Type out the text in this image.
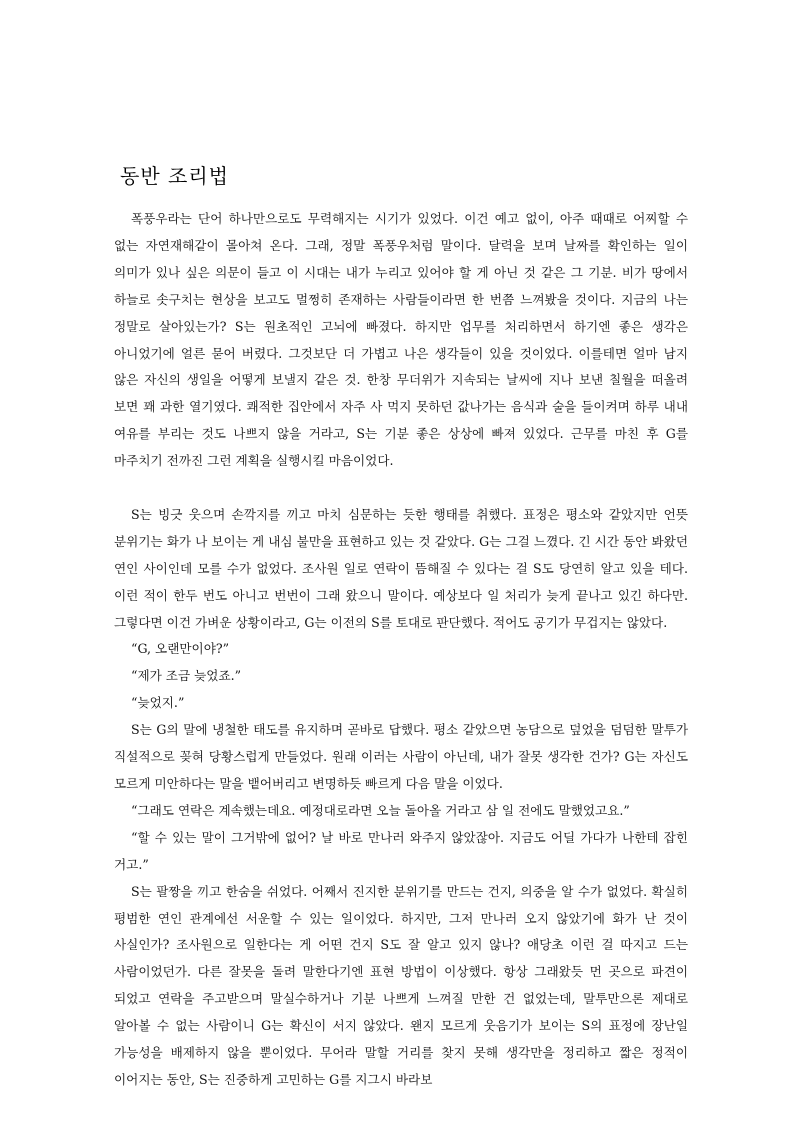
동반 조리법

폭풍우라는 단어 하나만으로도 무력해지는 시기가 있었다. 이건 예고 없이, 아주 때때로 어찌할 수 없는 자연재해같이 몰아쳐 온다. 그래, 정말 폭풍우처럼 말이다. 달력을 보며 날짜를 확인하는 일이 의미가 있나 싶은 의문이 들고 이 시대는 내가 누리고 있어야 할 게 아닌 것 같은 그 기분. 비가 땅에서 하늘로 솟구치는 현상을 보고도 멀쩡히 존재하는 사람들이라면 한 번쯤 느껴봤을 것이다. 지금의 나는 정말로 살아있는가? S는 원초적인 고뇌에 빠졌다. 하지만 업무를 처리하면서 하기엔 좋은 생각은 아니었기에 얼른 묻어 버렸다. 그것보단 더 가볍고 나은 생각들이 있을 것이었다. 이를테면 얼마 남지 않은 자신의 생일을 어떻게 보낼지 같은 것. 한창 무더위가 지속되는 날씨에 지나 보낸 칠월을 떠올려 보면 꽤 과한 열기였다. 쾌적한 집안에서 자주 사 먹지 못하던 값나가는 음식과 술을 들이켜며 하루 내내 여유를 부리는 것도 나쁘지 않을 거라고, S는 기분 좋은 상상에 빠져 있었다. 근무를 마친 후 G를 마주치기 전까진 그런 계획을 실행시킬 마음이었다.

S는 빙긋 웃으며 손깍지를 끼고 마치 심문하는 듯한 행태를 취했다. 표정은 평소와 같았지만 언뜻 분위기는 화가 나 보이는 게 내심 불만을 표현하고 있는 것 같았다. G는 그걸 느꼈다. 긴 시간 동안 봐왔던 연인 사이인데 모를 수가 없었다. 조사원 일로 연락이 뜸해질 수 있다는 걸 S도 당연히 알고 있을 테다. 이런 적이 한두 번도 아니고 번번이 그래 왔으니 말이다. 예상보다 일 처리가 늦게 끝나고 있긴 하다만. 그렇다면 이건 가벼운 상황이라고, G는 이전의 S를 토대로 판단했다. 적어도 공기가 무겁지는 않았다.

“G, 오랜만이야?”

“제가 조금 늦었죠.”

“늦었지.”

S는 G의 말에 냉철한 태도를 유지하며 곧바로 답했다. 평소 같았으면 농담으로 덮었을 덤덤한 말투가 직설적으로 꽂혀 당황스럽게 만들었다. 원래 이러는 사람이 아닌데, 내가 잘못 생각한 건가? G는 자신도 모르게 미안하다는 말을 뱉어버리고 변명하듯 빠르게 다음 말을 이었다.

“그래도 연락은 계속했는데요. 예정대로라면 오늘 돌아올 거라고 삼 일 전에도 말했었고요.”

“할 수 있는 말이 그거밖에 없어? 날 바로 만나러 와주지 않았잖아. 지금도 어딜 가다가 나한테 잡힌 거고.”

S는 팔짱을 끼고 한숨을 쉬었다. 어째서 진지한 분위기를 만드는 건지, 의중을 알 수가 없었다. 확실히 평범한 연인 관계에선 서운할 수 있는 일이었다. 하지만, 그저 만나러 오지 않았기에 화가 난 것이 사실인가? 조사원으로 일한다는 게 어떤 건지 S도 잘 알고 있지 않나? 애당초 이런 걸 따지고 드는 사람이었던가. 다른 잘못을 돌려 말한다기엔 표현 방법이 이상했다. 항상 그래왔듯 먼 곳으로 파견이 되었고 연락을 주고받으며 말실수하거나 기분 나쁘게 느껴질 만한 건 없었는데, 말투만으론 제대로 알아볼 수 없는 사람이니 G는 확신이 서지 않았다. 왠지 모르게 웃음기가 보이는 S의 표정에 장난일 가능성을 배제하지 않을 뿐이었다. 무어라 말할 거리를 찾지 못해 생각만을 정리하고 짧은 정적이 이어지는 동안, S는 진중하게 고민하는 G를 지그시 바라보
